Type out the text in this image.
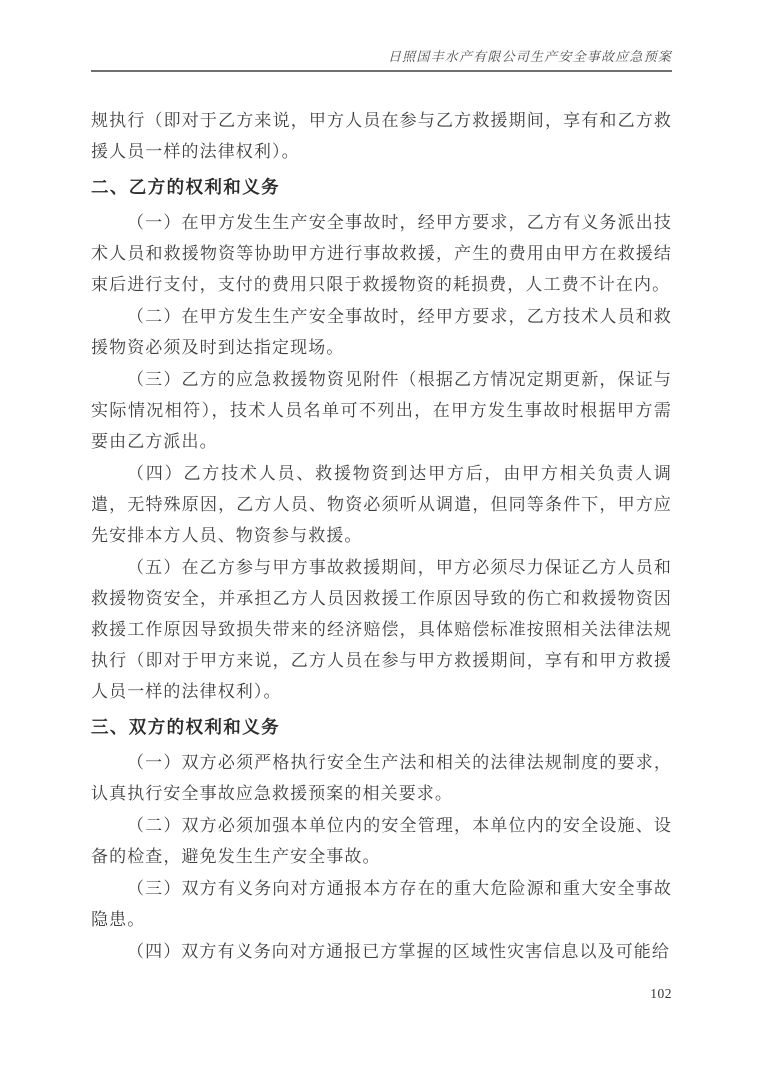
日照国丰水产有限公司生产安全事故应急预案

规执行（即对于乙方来说，甲方人员在参与乙方救援期间，享有和乙方救援人员一样的法律权利）。

二、乙方的权利和义务

（一）在甲方发生生产安全事故时，经甲方要求，乙方有义务派出技术人员和救援物资等协助甲方进行事故救援，产生的费用由甲方在救援结束后进行支付，支付的费用只限于救援物资的耗损费，人工费不计在内。

（二）在甲方发生生产安全事故时，经甲方要求，乙方技术人员和救援物资必须及时到达指定现场。

（三）乙方的应急救援物资见附件（根据乙方情况定期更新，保证与实际情况相符），技术人员名单可不列出，在甲方发生事故时根据甲方需要由乙方派出。

（四）乙方技术人员、救援物资到达甲方后，由甲方相关负责人调遣，无特殊原因，乙方人员、物资必须听从调遣，但同等条件下，甲方应先安排本方人员、物资参与救援。

（五）在乙方参与甲方事故救援期间，甲方必须尽力保证乙方人员和救援物资安全，并承担乙方人员因救援工作原因导致的伤亡和救援物资因救援工作原因导致损失带来的经济赔偿，具体赔偿标准按照相关法律法规执行（即对于甲方来说，乙方人员在参与甲方救援期间，享有和甲方救援人员一样的法律权利）。

三、双方的权利和义务

（一）双方必须严格执行安全生产法和相关的法律法规制度的要求，认真执行安全事故应急救援预案的相关要求。

（二）双方必须加强本单位内的安全管理，本单位内的安全设施、设备的检查，避免发生生产安全事故。

（三）双方有义务向对方通报本方存在的重大危险源和重大安全事故隐患。

（四）双方有义务向对方通报已方掌握的区域性灾害信息以及可能给

102
